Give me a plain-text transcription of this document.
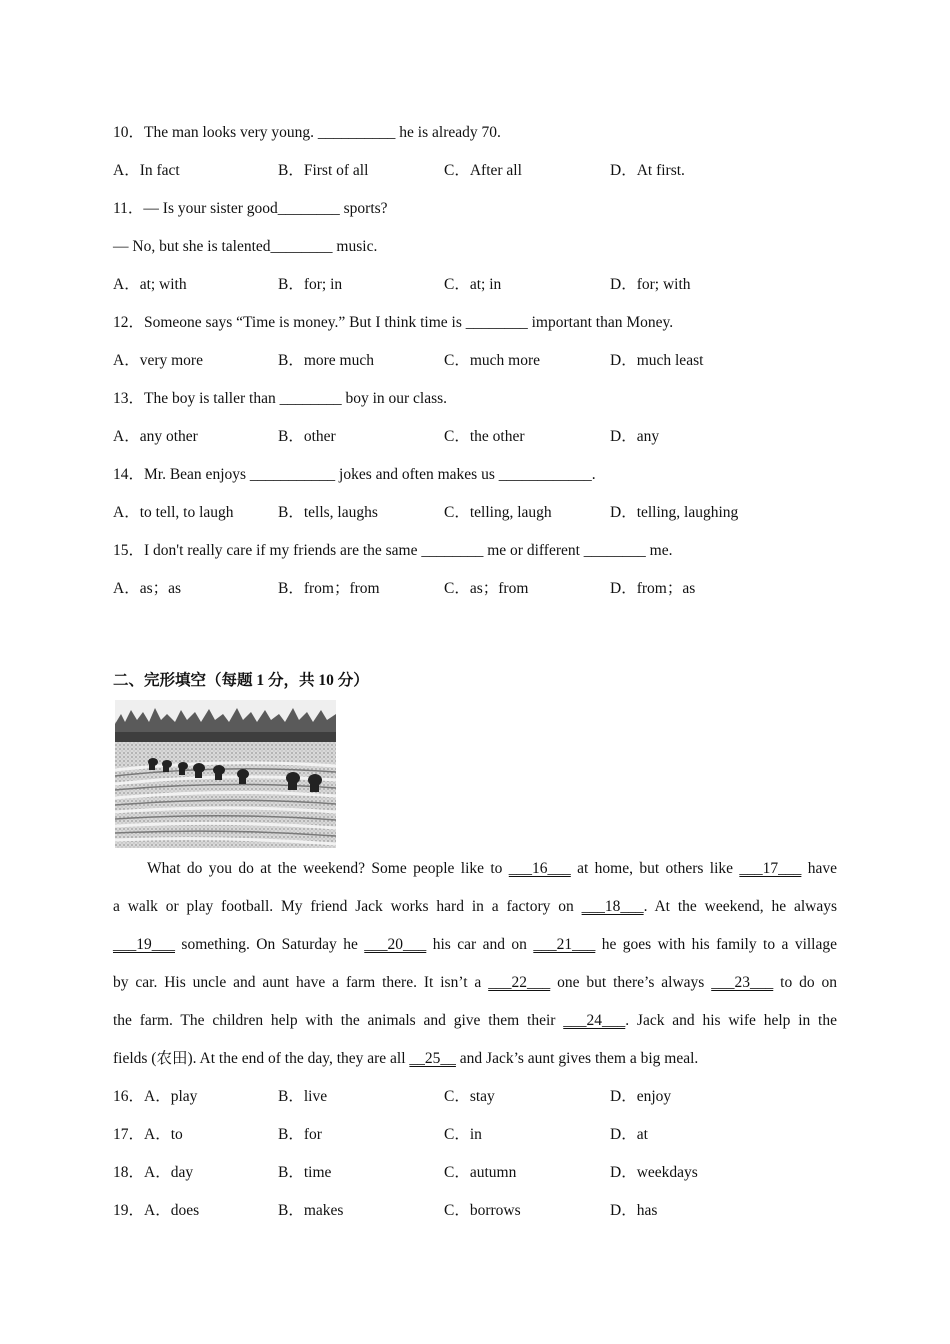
10．The man looks very young. __________ he is already 70.
A．In fact	B．First of all	C．After all	D．At first.
11．— Is your sister good________ sports?
— No, but she is talented________ music.
A．at; with	B．for; in	C．at; in	D．for; with
12．Someone says “Time is money.” But I think time is ________ important than Money.
A．very more	B．more much	C．much more	D．much least
13．The boy is taller than ________ boy in our class.
A．any other	B．other	C．the other	D．any
14．Mr. Bean enjoys ___________ jokes and often makes us ____________.
A．to tell, to laugh	B．tells, laughs	C．telling, laugh	D．telling, laughing
15．I don't really care if my friends are the same ________ me or different ________ me.
A．as；as	B．from；from	C．as；from	D．from；as
二、完形填空（每题 1 分，共 10 分）
What do you do at the weekend? Some people like to ___16___ at home, but others like ___17___ have
a walk or play football. My friend Jack works hard in a factory on ___18___. At the weekend, he always
___19___ something. On Saturday he ___20___ his car and on ___21___ he goes with his family to a village
by car. His uncle and aunt have a farm there. It isn’t a ___22___ one but there’s always ___23___ to do on
the farm. The children help with the animals and give them their ___24___. Jack and his wife help in the
fields (农田). At the end of the day, they are all __25__ and Jack’s aunt gives them a big meal.
16．A．play	B．live	C．stay	D．enjoy
17．A．to	B．for	C．in	D．at
18．A．day	B．time	C．autumn	D．weekdays
19．A．does	B．makes	C．borrows	D．has
